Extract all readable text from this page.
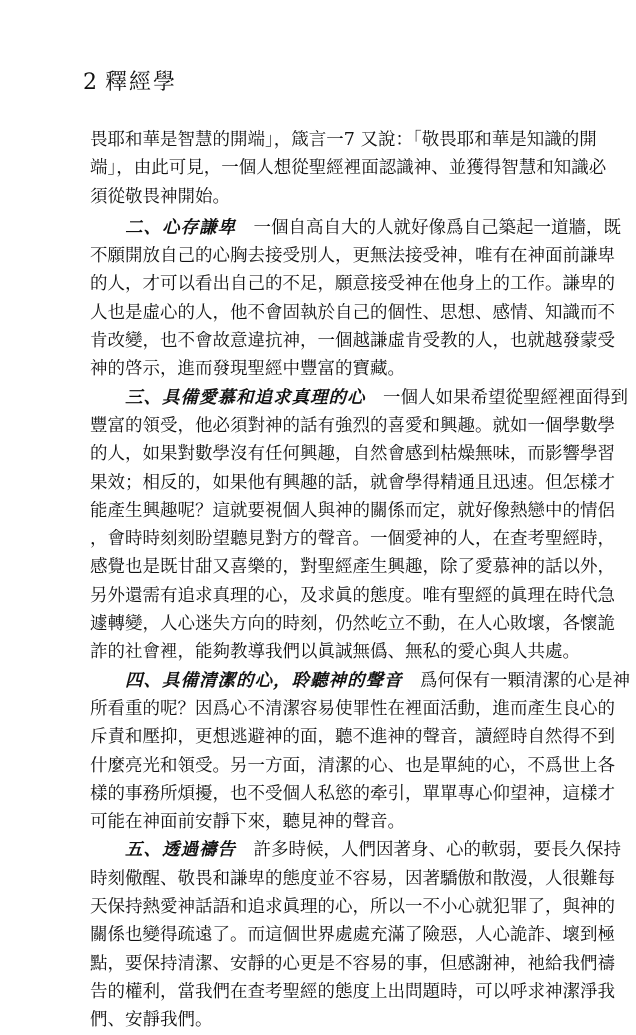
2 釋經學
畏耶和華是智慧的開端」，箴言一7 又說：「敬畏耶和華是知識的開
端」，由此可見，一個人想從聖經裡面認識神、並獲得智慧和知識必
須從敬畏神開始。
　　二、心存謙卑　 一個自高自大的人就好像爲自己築起一道牆，既
不願開放自己的心胸去接受別人，更無法接受神，唯有在神面前謙卑
的人，才可以看出自己的不足，願意接受神在他身上的工作。謙卑的
人也是虛心的人，他不會固執於自己的個性、思想、感情、知識而不
肯改變，也不會故意違抗神，一個越謙虛肯受教的人，也就越發蒙受
神的啓示，進而發現聖經中豐富的寶藏。
　　三、具備愛慕和追求真理的心　 一個人如果希望從聖經裡面得到
豐富的領受，他必須對神的話有強烈的喜愛和興趣。就如一個學數學
的人，如果對數學沒有任何興趣，自然會感到枯燥無味，而影響學習
果效；相反的，如果他有興趣的話，就會學得精通且迅速。但怎樣才
能產生興趣呢？這就要視個人與神的關係而定，就好像熱戀中的情侶
，會時時刻刻盼望聽見對方的聲音。一個愛神的人，在查考聖經時，
感覺也是既甘甜又喜樂的，對聖經產生興趣，除了愛慕神的話以外，
另外還需有追求真理的心，及求眞的態度。唯有聖經的眞理在時代急
遽轉變，人心迷失方向的時刻，仍然屹立不動，在人心敗壞，各懷詭
詐的社會裡，能夠教導我們以眞誠無僞、無私的愛心與人共處。
　　四、具備清潔的心，聆聽神的聲音　 爲何保有一顆清潔的心是神
所看重的呢？因爲心不清潔容易使罪性在裡面活動，進而產生良心的
斥責和壓抑，更想逃避神的面，聽不進神的聲音，讀經時自然得不到
什麼亮光和領受。另一方面，清潔的心、也是單純的心，不爲世上各
樣的事務所煩擾，也不受個人私慾的牽引，單單專心仰望神，這樣才
可能在神面前安靜下來，聽見神的聲音。
　　五、透過禱告　 許多時候，人們因著身、心的軟弱，要長久保持
時刻儆醒、敬畏和謙卑的態度並不容易，因著驕傲和散漫，人很難每
天保持熱愛神話語和追求眞理的心，所以一不小心就犯罪了，與神的
關係也變得疏遠了。而這個世界處處充滿了險惡，人心詭詐、壞到極
點，要保持清潔、安靜的心更是不容易的事，但感謝神，祂給我們禱
告的權利，當我們在查考聖經的態度上出問題時，可以呼求神潔淨我
們、安靜我們。
